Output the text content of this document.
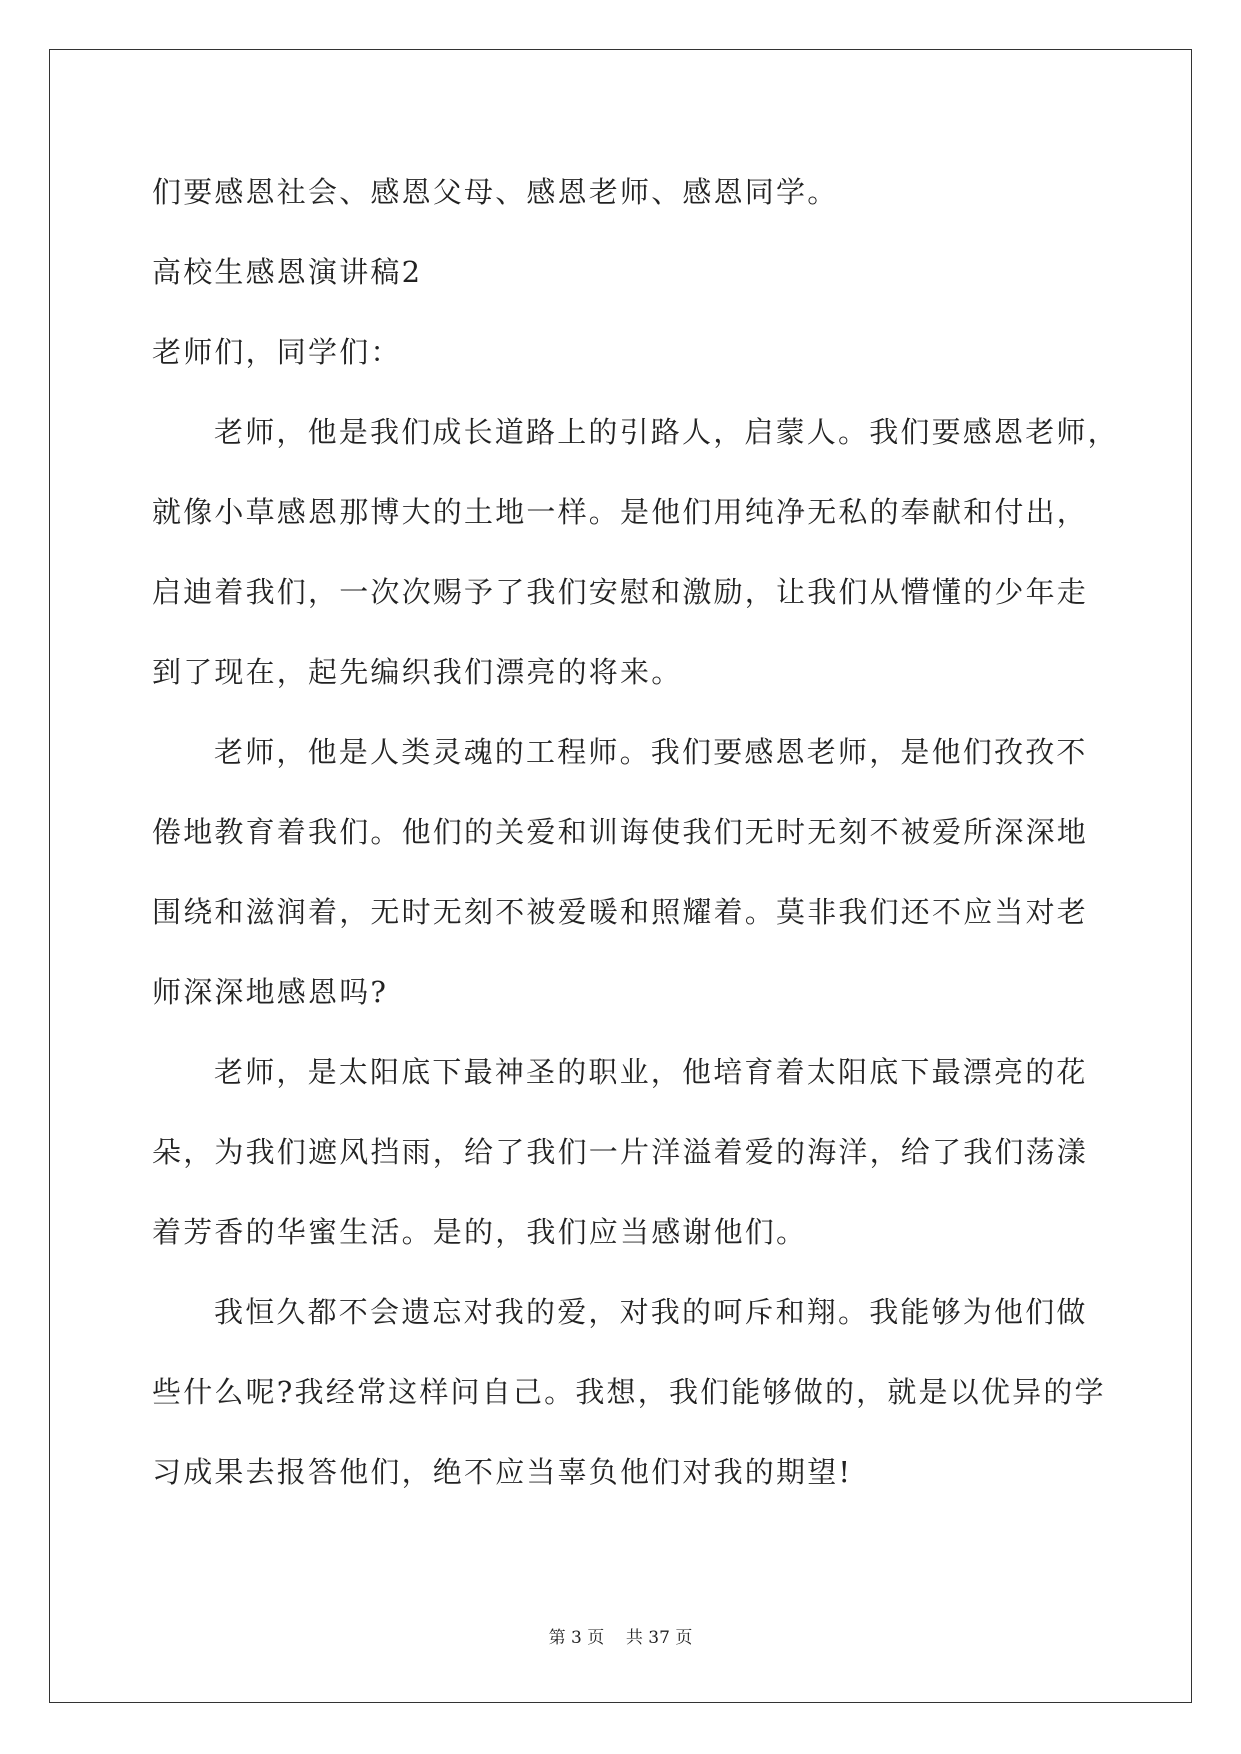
们要感恩社会、感恩父母、感恩老师、感恩同学。
高校生感恩演讲稿2
老师们，同学们：
老师，他是我们成长道路上的引路人，启蒙人。我们要感恩老师，
就像小草感恩那博大的土地一样。是他们用纯净无私的奉献和付出，
启迪着我们，一次次赐予了我们安慰和激励，让我们从懵懂的少年走
到了现在，起先编织我们漂亮的将来。
老师，他是人类灵魂的工程师。我们要感恩老师，是他们孜孜不
倦地教育着我们。他们的关爱和训诲使我们无时无刻不被爱所深深地
围绕和滋润着，无时无刻不被爱暖和照耀着。莫非我们还不应当对老
师深深地感恩吗?
老师，是太阳底下最神圣的职业，他培育着太阳底下最漂亮的花
朵，为我们遮风挡雨，给了我们一片洋溢着爱的海洋，给了我们荡漾
着芳香的华蜜生活。是的，我们应当感谢他们。
我恒久都不会遗忘对我的爱，对我的呵斥和翔。我能够为他们做
些什么呢?我经常这样问自己。我想，我们能够做的，就是以优异的学
习成果去报答他们，绝不应当辜负他们对我的期望!
第 3 页    共 37 页
